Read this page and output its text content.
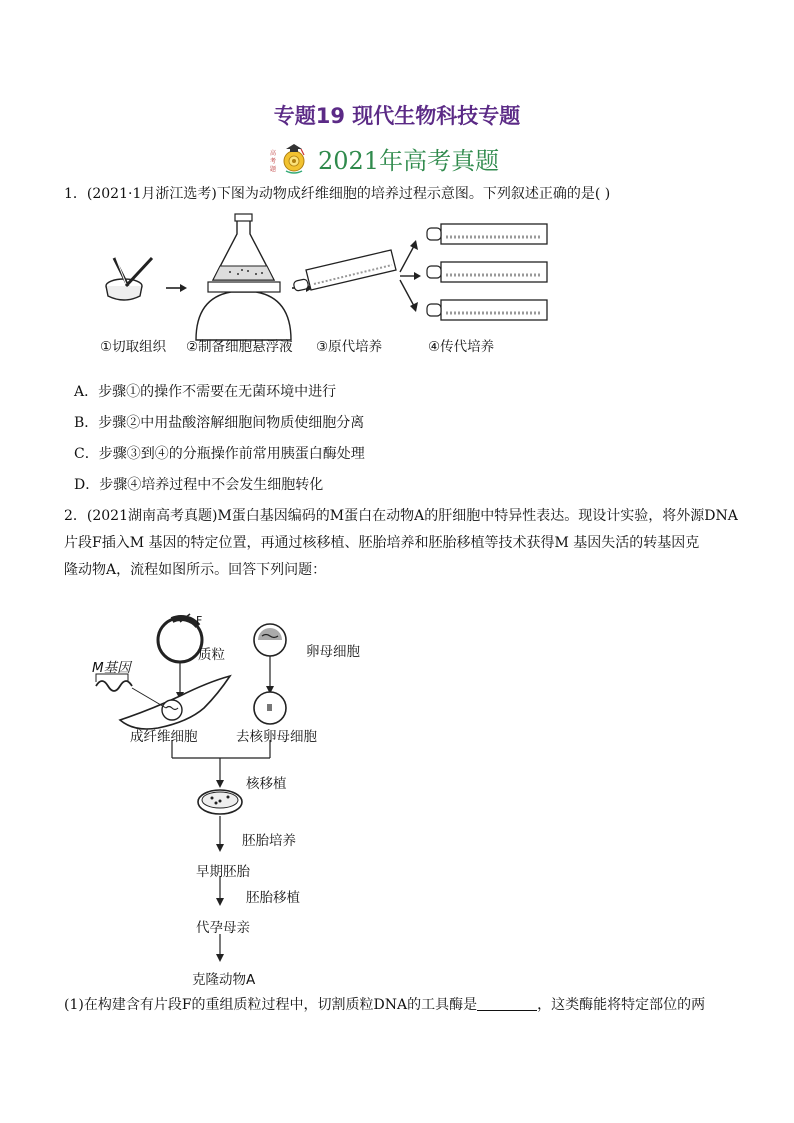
专题19 现代生物科技专题
高
考
题 2021年高考真题
1．(2021·1月浙江选考)下图为动物成纤维细胞的培养过程示意图。下列叙述正确的是( )
①切取组织 ②制备细胞悬浮液 ③原代培养	④传代培养
A．步骤①的操作不需要在无菌环境中进行
B．步骤②中用盐酸溶解细胞间物质使细胞分离
C．步骤③到④的分瓶操作前常用胰蛋白酶处理
D．步骤④培养过程中不会发生细胞转化
2．(2021湖南高考真题)M蛋白基因编码的M蛋白在动物A的肝细胞中特异性表达。现设计实验，将外源DNA
片段F插入M 基因的特定位置，再通过核移植、胚胎培养和胚胎移植等技术获得M 基因失活的转基因克
隆动物A，流程如图所示。回答下列问题：
F
质粒	卵母细胞
M基因
成纤维细胞	去核卵母细胞
核移植
胚胎培养
早期胚胎
胚胎移植
代孕母亲
克隆动物A
(1)在构建含有片段F的重组质粒过程中，切割质粒DNA的工具酶是	，这类酶能将特定部位的两
